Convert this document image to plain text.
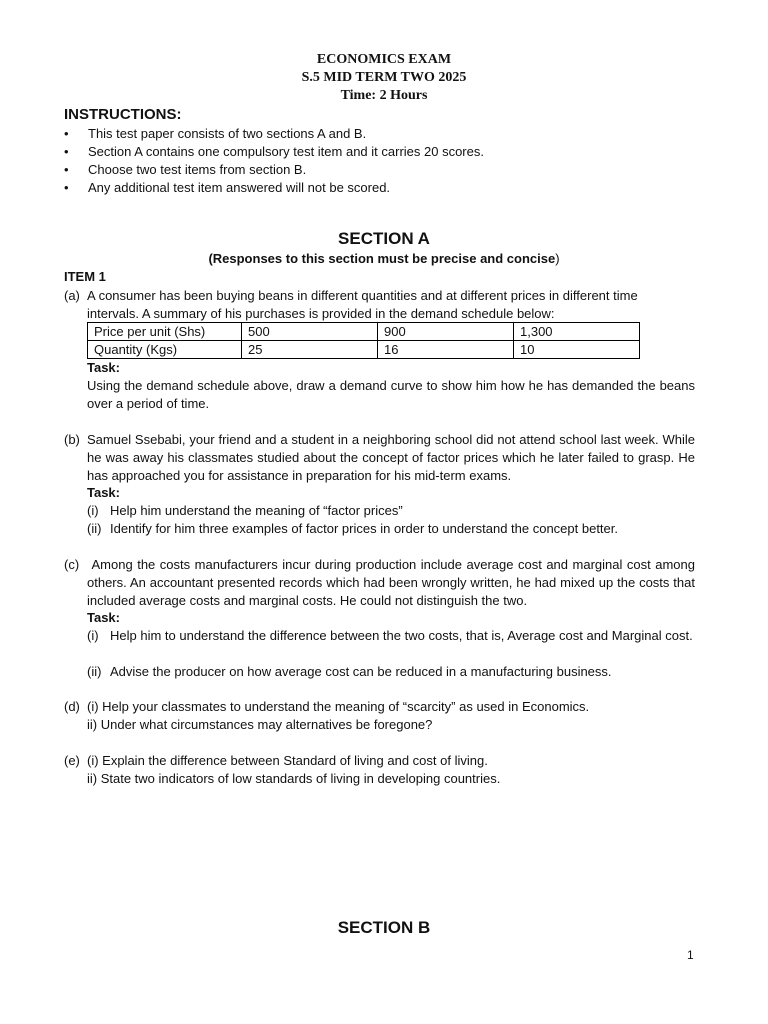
ECONOMICS EXAM
S.5 MID TERM TWO 2025
Time: 2 Hours
INSTRUCTIONS:
• This test paper consists of two sections A and B.
• Section A contains one compulsory test item and it carries 20 scores.
• Choose two test items from section B.
• Any additional test item answered will not be scored.
SECTION A
(Responses to this section must be precise and concise)
ITEM 1
(a) A consumer has been buying beans in different quantities and at different prices in different time
intervals. A summary of his purchases is provided in the demand schedule below:
Price per unit (Shs)	500	900	1,300
Quantity (Kgs)	25	16	10
Task:
Using the demand schedule above, draw a demand curve to show him how he has demanded the beans over a period of time.
(b) Samuel Ssebabi, your friend and a student in a neighboring school did not attend school last week. While he was away his classmates studied about the concept of factor prices which he later failed to grasp. He has approached you for assistance in preparation for his mid-term exams.
Task:
(i) Help him understand the meaning of “factor prices”
(ii) Identify for him three examples of factor prices in order to understand the concept better.
(c) Among the costs manufacturers incur during production include average cost and marginal cost among others. An accountant presented records which had been wrongly written, he had mixed up the costs that included average costs and marginal costs. He could not distinguish the two.
Task:
(i) Help him to understand the difference between the two costs, that is, Average cost and Marginal cost.
(ii) Advise the producer on how average cost can be reduced in a manufacturing business.
(d) (i) Help your classmates to understand the meaning of “scarcity” as used in Economics.
ii) Under what circumstances may alternatives be foregone?
(e) (i) Explain the difference between Standard of living and cost of living.
ii) State two indicators of low standards of living in developing countries.
SECTION B
1
